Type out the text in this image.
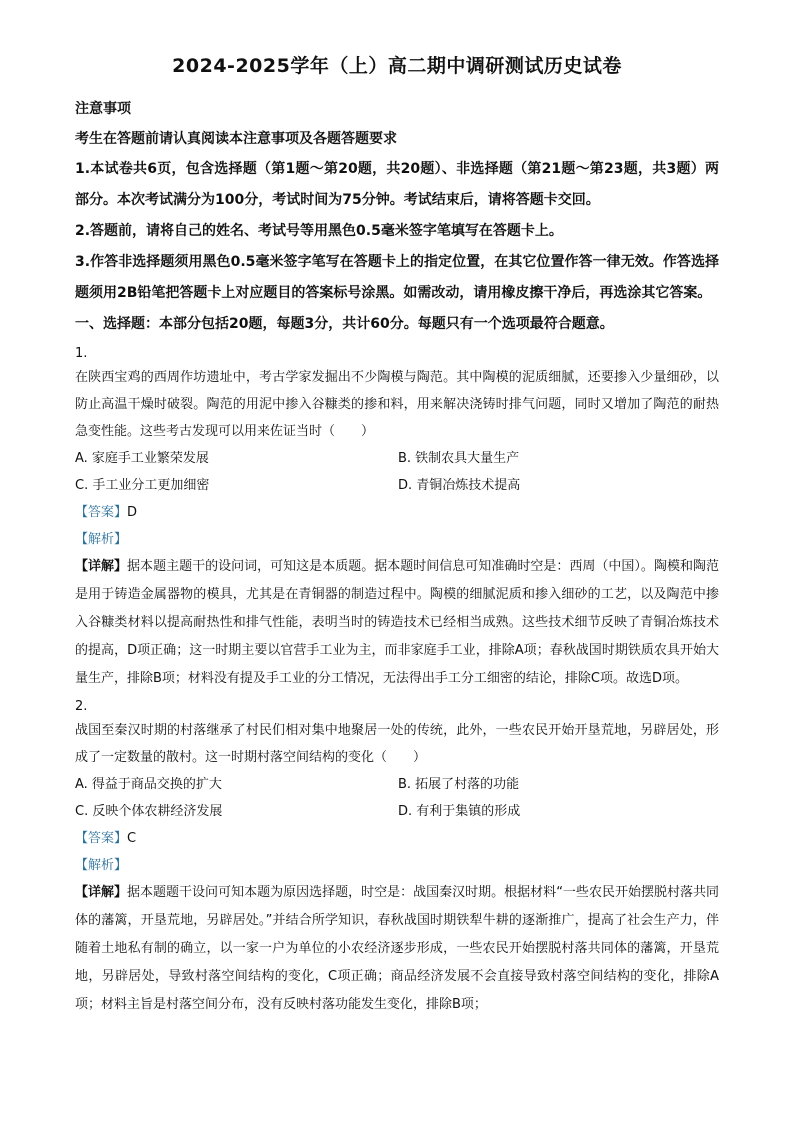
2024-2025学年（上）高二期中调研测试历史试卷

注意事项

考生在答题前请认真阅读本注意事项及各题答题要求

1.本试卷共6页，包含选择题（第1题～第20题，共20题）、非选择题（第21题～第23题，共3题）两部分。本次考试满分为100分，考试时间为75分钟。考试结束后，请将答题卡交回。

2.答题前，请将自己的姓名、考试号等用黑色0.5毫米签字笔填写在答题卡上。

3.作答非选择题须用黑色0.5毫米签字笔写在答题卡上的指定位置，在其它位置作答一律无效。作答选择题须用2B铅笔把答题卡上对应题目的答案标号涂黑。如需改动，请用橡皮擦干净后，再选涂其它答案。

一、选择题：本部分包括20题，每题3分，共计60分。每题只有一个选项最符合题意。

1.

在陕西宝鸡的西周作坊遗址中，考古学家发掘出不少陶模与陶范。其中陶模的泥质细腻，还要掺入少量细砂，以防止高温干燥时破裂。陶范的用泥中掺入谷糠类的掺和料，用来解决浇铸时排气问题，同时又增加了陶范的耐热急变性能。这些考古发现可以用来佐证当时（　　）

A. 家庭手工业繁荣发展	B. 铁制农具大量生产
C. 手工业分工更加细密	D. 青铜冶炼技术提高

【答案】D

【解析】

【详解】据本题主题干的设问词，可知这是本质题。据本题时间信息可知准确时空是：西周（中国）。陶模和陶范是用于铸造金属器物的模具，尤其是在青铜器的制造过程中。陶模的细腻泥质和掺入细砂的工艺，以及陶范中掺入谷糠类材料以提高耐热性和排气性能，表明当时的铸造技术已经相当成熟。这些技术细节反映了青铜冶炼技术的提高，D项正确；这一时期主要以官营手工业为主，而非家庭手工业，排除A项；春秋战国时期铁质农具开始大量生产，排除B项；材料没有提及手工业的分工情况，无法得出手工分工细密的结论，排除C项。故选D项。

2.

战国至秦汉时期的村落继承了村民们相对集中地聚居一处的传统，此外，一些农民开始开垦荒地，另辟居处，形成了一定数量的散村。这一时期村落空间结构的变化（　　）

A. 得益于商品交换的扩大	B. 拓展了村落的功能
C. 反映个体农耕经济发展	D. 有利于集镇的形成

【答案】C

【解析】

【详解】据本题题干设问可知本题为原因选择题，时空是：战国秦汉时期。根据材料“一些农民开始摆脱村落共同体的藩篱，开垦荒地，另辟居处。”并结合所学知识，春秋战国时期铁犁牛耕的逐渐推广，提高了社会生产力，伴随着土地私有制的确立，以一家一户为单位的小农经济逐步形成，一些农民开始摆脱村落共同体的藩篱，开垦荒地，另辟居处，导致村落空间结构的变化，C项正确；商品经济发展不会直接导致村落空间结构的变化，排除A项；材料主旨是村落空间分布，没有反映村落功能发生变化，排除B项；
